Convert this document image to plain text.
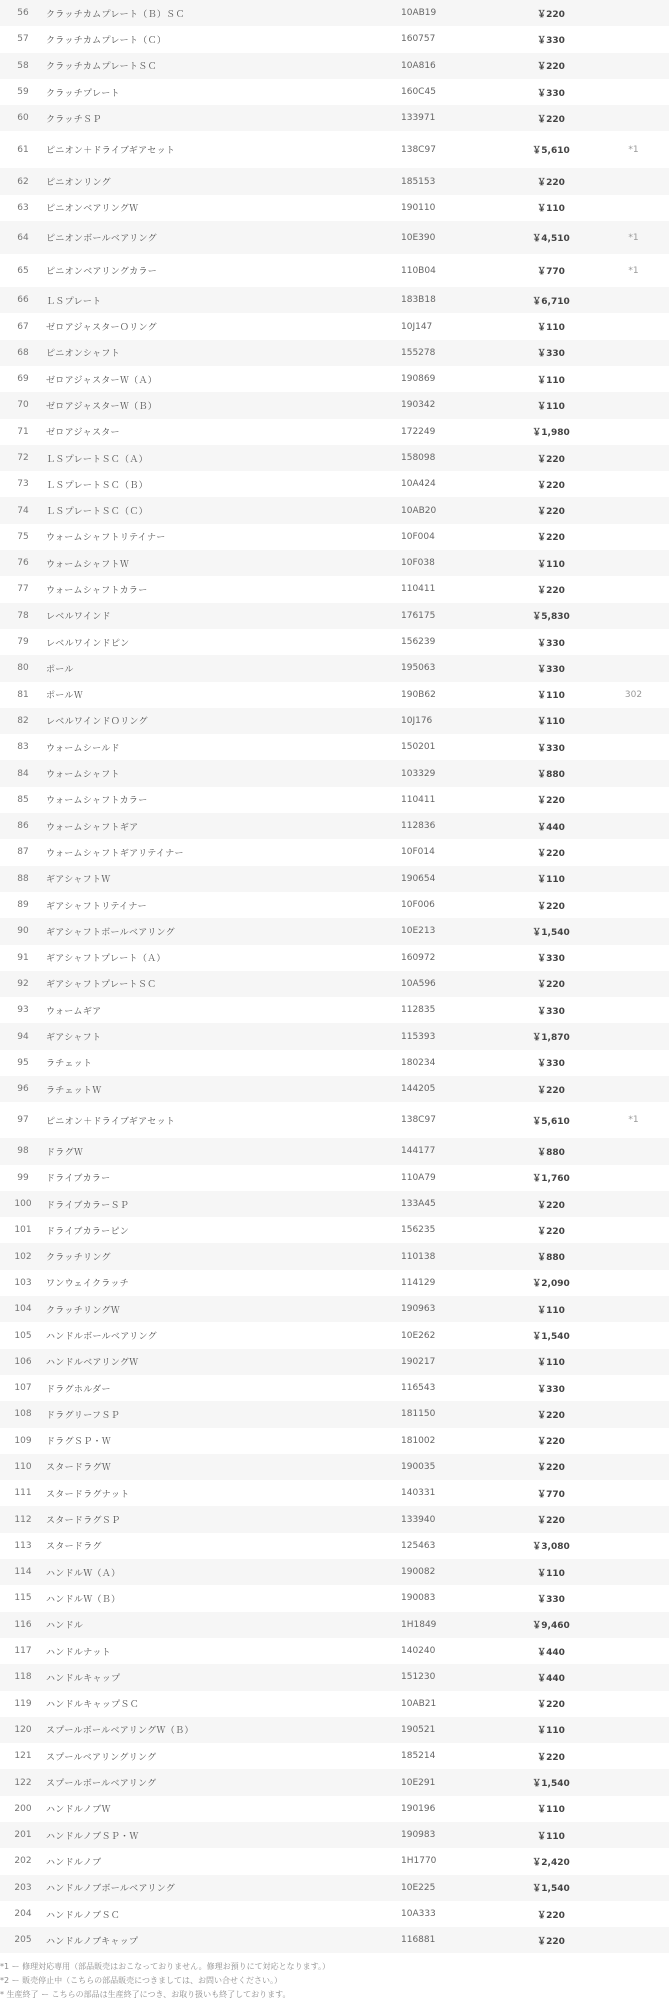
56	クラッチカムプレート（Ｂ）ＳＣ	10AB19	￥220	
57	クラッチカムプレート（Ｃ）	160757	￥330	
58	クラッチカムプレートＳＣ	10A816	￥220	
59	クラッチプレート	160C45	￥330	
60	クラッチＳＰ	133971	￥220	
61	ピニオン＋ドライブギアセット	138C97	￥5,610	*1
62	ピニオンリング	185153	￥220	
63	ピニオンベアリングＷ	190110	￥110	
64	ピニオンボールベアリング	10E390	￥4,510	*1
65	ピニオンベアリングカラー	110B04	￥770	*1
66	ＬＳプレート	183B18	￥6,710	
67	ゼロアジャスターＯリング	10J147	￥110	
68	ピニオンシャフト	155278	￥330	
69	ゼロアジャスターＷ（Ａ）	190869	￥110	
70	ゼロアジャスターＷ（Ｂ）	190342	￥110	
71	ゼロアジャスター	172249	￥1,980	
72	ＬＳプレートＳＣ（Ａ）	158098	￥220	
73	ＬＳプレートＳＣ（Ｂ）	10A424	￥220	
74	ＬＳプレートＳＣ（Ｃ）	10AB20	￥220	
75	ウォームシャフトリテイナー	10F004	￥220	
76	ウォームシャフトＷ	10F038	￥110	
77	ウォームシャフトカラー	110411	￥220	
78	レベルワインド	176175	￥5,830	
79	レベルワインドピン	156239	￥330	
80	ポール	195063	￥330	
81	ポールＷ	190B62	￥110	302
82	レベルワインドＯリング	10J176	￥110	
83	ウォームシールド	150201	￥330	
84	ウォームシャフト	103329	￥880	
85	ウォームシャフトカラー	110411	￥220	
86	ウォームシャフトギア	112836	￥440	
87	ウォームシャフトギアリテイナー	10F014	￥220	
88	ギアシャフトＷ	190654	￥110	
89	ギアシャフトリテイナー	10F006	￥220	
90	ギアシャフトボールベアリング	10E213	￥1,540	
91	ギアシャフトプレート（Ａ）	160972	￥330	
92	ギアシャフトプレートＳＣ	10A596	￥220	
93	ウォームギア	112835	￥330	
94	ギアシャフト	115393	￥1,870	
95	ラチェット	180234	￥330	
96	ラチェットＷ	144205	￥220	
97	ピニオン＋ドライブギアセット	138C97	￥5,610	*1
98	ドラグＷ	144177	￥880	
99	ドライブカラー	110A79	￥1,760	
100	ドライブカラーＳＰ	133A45	￥220	
101	ドライブカラーピン	156235	￥220	
102	クラッチリング	110138	￥880	
103	ワンウェイクラッチ	114129	￥2,090	
104	クラッチリングＷ	190963	￥110	
105	ハンドルボールベアリング	10E262	￥1,540	
106	ハンドルベアリングＷ	190217	￥110	
107	ドラグホルダー	116543	￥330	
108	ドラグリーフＳＰ	181150	￥220	
109	ドラグＳＰ・Ｗ	181002	￥220	
110	スタードラグＷ	190035	￥220	
111	スタードラグナット	140331	￥770	
112	スタードラグＳＰ	133940	￥220	
113	スタードラグ	125463	￥3,080	
114	ハンドルＷ（Ａ）	190082	￥110	
115	ハンドルＷ（Ｂ）	190083	￥330	
116	ハンドル	1H1849	￥9,460	
117	ハンドルナット	140240	￥440	
118	ハンドルキャップ	151230	￥440	
119	ハンドルキャップＳＣ	10AB21	￥220	
120	スプールボールベアリングＷ（Ｂ）	190521	￥110	
121	スプールベアリングリング	185214	￥220	
122	スプールボールベアリング	10E291	￥1,540	
200	ハンドルノブＷ	190196	￥110	
201	ハンドルノブＳＰ・Ｗ	190983	￥110	
202	ハンドルノブ	1H1770	￥2,420	
203	ハンドルノブボールベアリング	10E225	￥1,540	
204	ハンドルノブＳＣ	10A333	￥220	
205	ハンドルノブキャップ	116881	￥220	
*1 ー 修理対応専用（部品販売はおこなっておりません。修理お預りにて対応となります。）
*2 ー 販売停止中（こちらの部品販売につきましては、お問い合せください。）
* 生産終了 ー こちらの部品は生産終了につき、お取り扱いも終了しております。
